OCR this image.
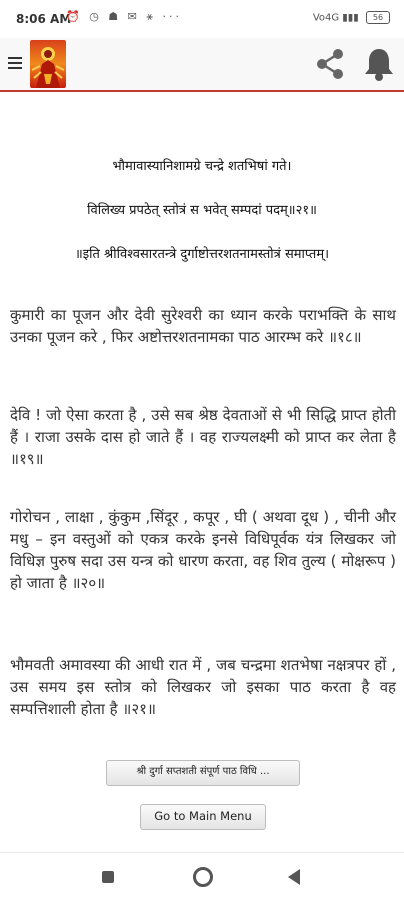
8:06 AM
⏰ ◷ ☗ ✉ ⚹ ···	Vo4G ▮▮▮ 56
भौमावास्यानिशामग्रे चन्द्रे शतभिषां गते।
विलिख्य प्रपठेत् स्तोत्रं स भवेत् सम्पदां पदम्॥२१॥
॥इति श्रीविश्वसारतन्त्रे दुर्गाष्टोत्तरशतनामस्तोत्रं समाप्तम्।
कुमारी का पूजन और देवी सुरेश्वरी का ध्यान करके पराभक्ति के साथ उनका पूजन करे , फिर अष्टोत्तरशतनामका पाठ आरम्भ करे ॥१८॥
देवि ! जो ऐसा करता है , उसे सब श्रेष्ठ देवताओं से भी सिद्धि प्राप्त होती हैं । राजा उसके दास हो जाते हैं । वह राज्यलक्ष्मी को प्राप्त कर लेता है ॥१९॥
गोरोचन , लाक्षा , कुंकुम ,सिंदूर , कपूर , घी ( अथवा दूध ) , चीनी और मधु – इन वस्तुओं को एकत्र करके इनसे विधिपूर्वक यंत्र लिखकर जो विधिज्ञ पुरुष सदा उस यन्त्र को धारण करता, वह शिव तुल्य ( मोक्षरूप ) हो जाता है ॥२०॥
भौमवती अमावस्या की आधी रात में , जब चन्द्रमा शतभेषा नक्षत्रपर हों , उस समय इस स्तोत्र को लिखकर जो इसका पाठ करता है वह सम्पत्तिशाली होता है ॥२१॥
श्री दुर्गा सप्तशती संपूर्ण पाठ विधि ...
Go to Main Menu
